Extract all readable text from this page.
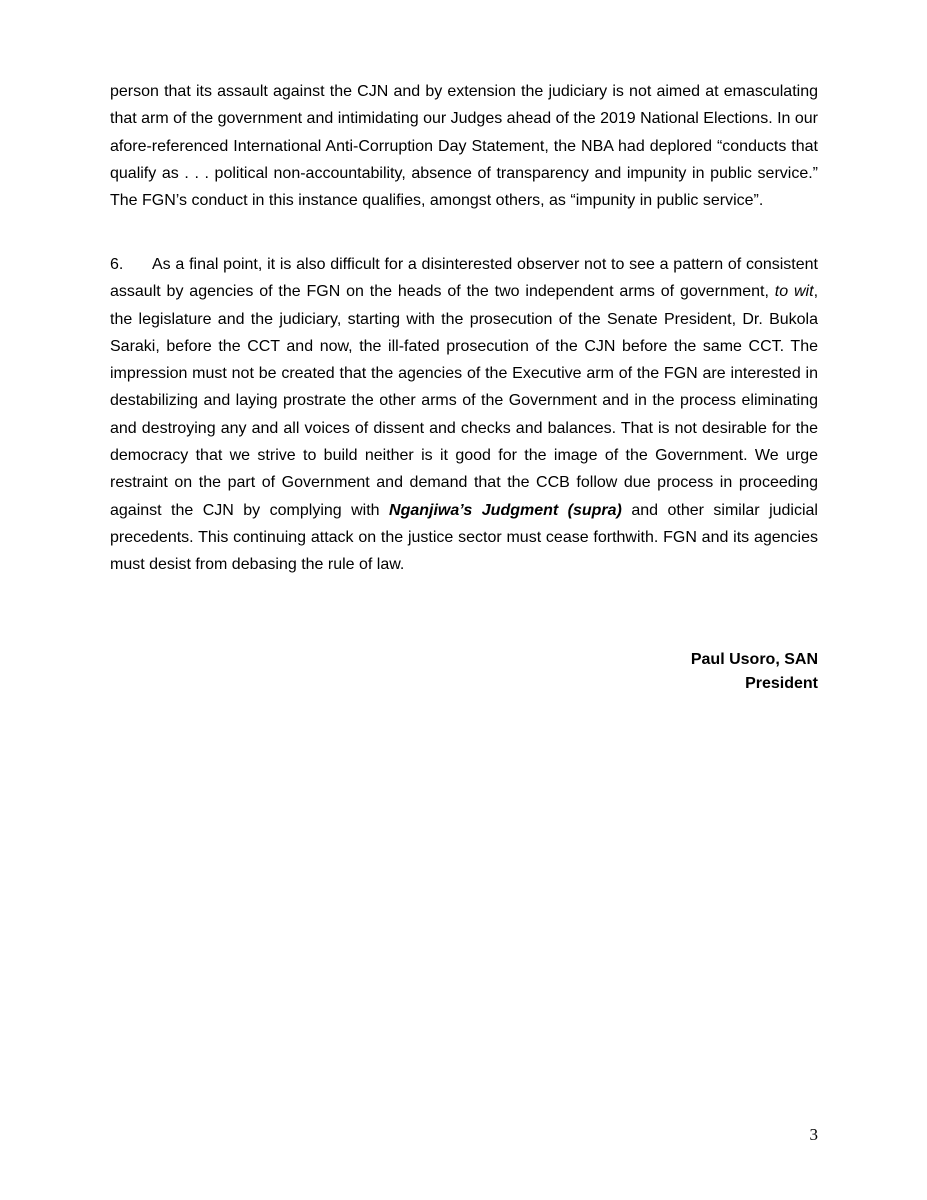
person that its assault against the CJN and by extension the judiciary is not aimed at emasculating that arm of the government and intimidating our Judges ahead of the 2019 National Elections. In our afore-referenced International Anti-Corruption Day Statement, the NBA had deplored “conducts that qualify as . . . political non-accountability, absence of transparency and impunity in public service.” The FGN’s conduct in this instance qualifies, amongst others, as “impunity in public service”.

6. As a final point, it is also difficult for a disinterested observer not to see a pattern of consistent assault by agencies of the FGN on the heads of the two independent arms of government, to wit, the legislature and the judiciary, starting with the prosecution of the Senate President, Dr. Bukola Saraki, before the CCT and now, the ill-fated prosecution of the CJN before the same CCT. The impression must not be created that the agencies of the Executive arm of the FGN are interested in destabilizing and laying prostrate the other arms of the Government and in the process eliminating and destroying any and all voices of dissent and checks and balances. That is not desirable for the democracy that we strive to build neither is it good for the image of the Government. We urge restraint on the part of Government and demand that the CCB follow due process in proceeding against the CJN by complying with Nganjiwa’s Judgment (supra) and other similar judicial precedents. This continuing attack on the justice sector must cease forthwith. FGN and its agencies must desist from debasing the rule of law.

Paul Usoro, SAN
President
3
